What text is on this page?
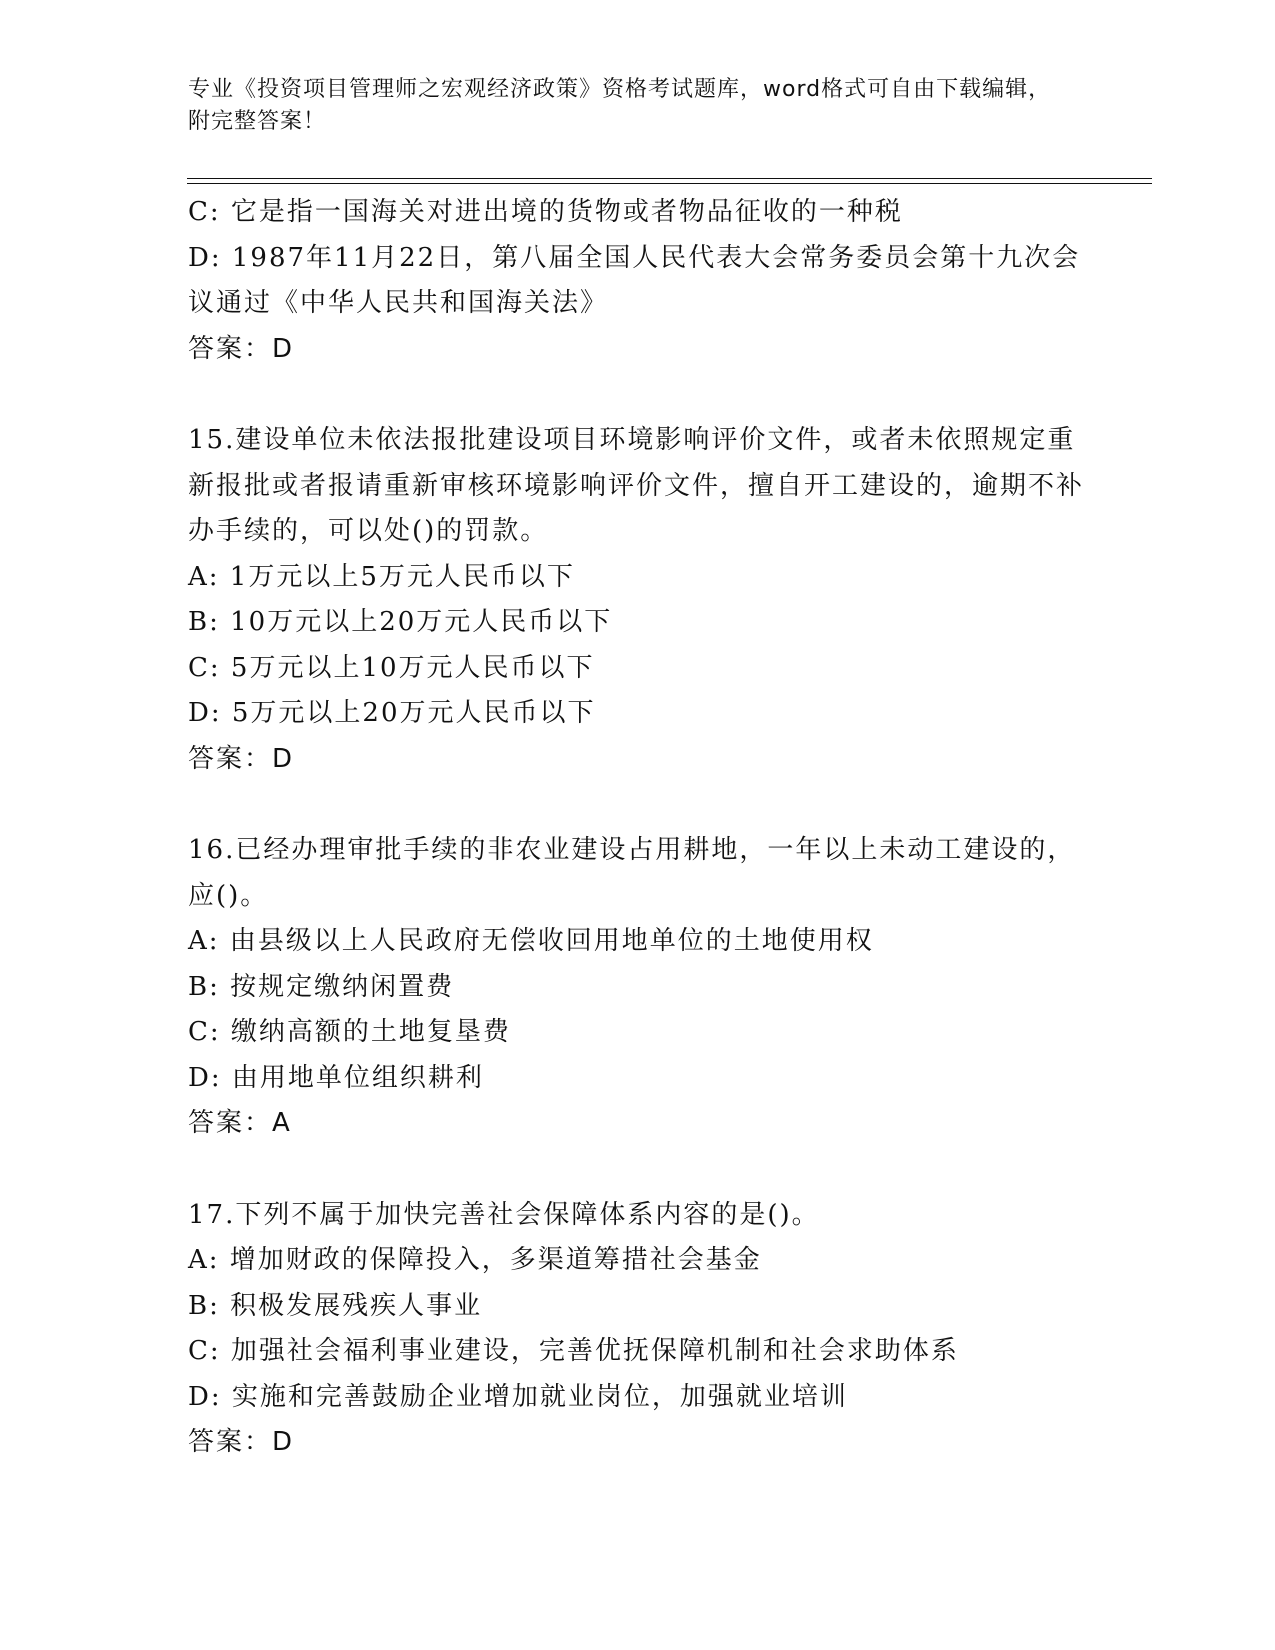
专业《投资项目管理师之宏观经济政策》资格考试题库，word格式可自由下载编辑，附完整答案！
C: 它是指一国海关对进出境的货物或者物品征收的一种税
D: 1987年11月22日，第八届全国人民代表大会常务委员会第十九次会议通过《中华人民共和国海关法》
答案：D
15.建设单位未依法报批建设项目环境影响评价文件，或者未依照规定重新报批或者报请重新审核环境影响评价文件，擅自开工建设的，逾期不补办手续的，可以处()的罚款。
A: 1万元以上5万元人民币以下
B: 10万元以上20万元人民币以下
C: 5万元以上10万元人民币以下
D: 5万元以上20万元人民币以下
答案：D
16.已经办理审批手续的非农业建设占用耕地，一年以上未动工建设的，应()。
A: 由县级以上人民政府无偿收回用地单位的土地使用权
B: 按规定缴纳闲置费
C: 缴纳高额的土地复垦费
D: 由用地单位组织耕利
答案：A
17.下列不属于加快完善社会保障体系内容的是()。
A: 增加财政的保障投入，多渠道筹措社会基金
B: 积极发展残疾人事业
C: 加强社会福利事业建设，完善优抚保障机制和社会求助体系
D: 实施和完善鼓励企业增加就业岗位，加强就业培训
答案：D
